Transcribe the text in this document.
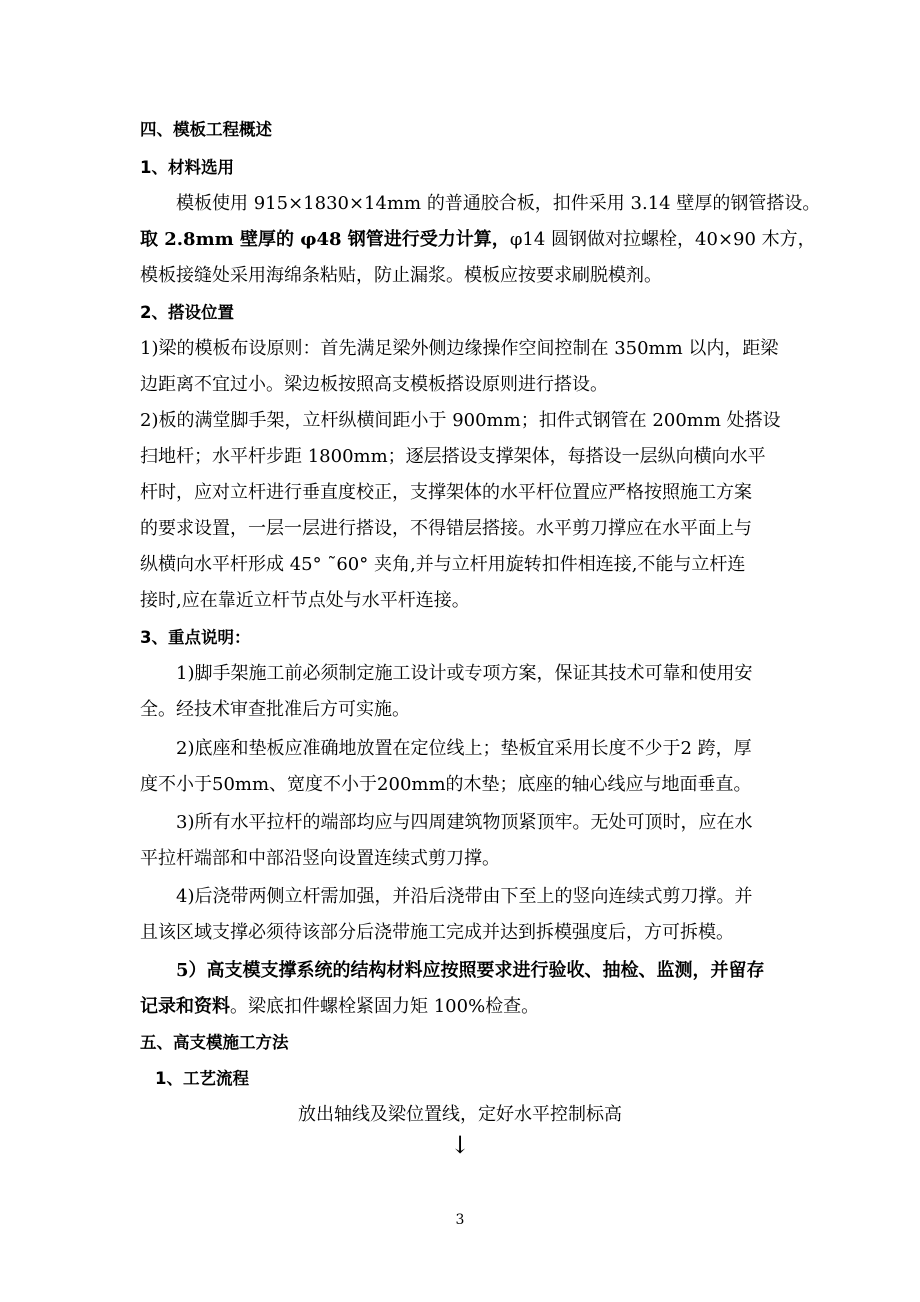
四、模板工程概述
1、材料选用
模板使用 915×1830×14mm 的普通胶合板，扣件采用 3.14 壁厚的钢管搭设。
取 2.8mm 壁厚的 φ48 钢管进行受力计算，φ14 圆钢做对拉螺栓，40×90 木方，
模板接缝处采用海绵条粘贴，防止漏浆。模板应按要求刷脱模剂。
2、搭设位置
1)梁的模板布设原则：首先满足梁外侧边缘操作空间控制在 350mm 以内，距梁
边距离不宜过小。梁边板按照高支模板搭设原则进行搭设。
2)板的满堂脚手架，立杆纵横间距小于 900mm；扣件式钢管在 200mm 处搭设
扫地杆；水平杆步距 1800mm；逐层搭设支撑架体，每搭设一层纵向横向水平
杆时，应对立杆进行垂直度校正，支撑架体的水平杆位置应严格按照施工方案
的要求设置，一层一层进行搭设，不得错层搭接。水平剪刀撑应在水平面上与
纵横向水平杆形成 45° ˜60° 夹角,并与立杆用旋转扣件相连接,不能与立杆连
接时,应在靠近立杆节点处与水平杆连接。
3、重点说明：
1)脚手架施工前必须制定施工设计或专项方案，保证其技术可靠和使用安
全。经技术审查批准后方可实施。
2)底座和垫板应准确地放置在定位线上；垫板宜采用长度不少于2 跨，厚
度不小于50mm、宽度不小于200mm的木垫；底座的轴心线应与地面垂直。
3)所有水平拉杆的端部均应与四周建筑物顶紧顶牢。无处可顶时，应在水
平拉杆端部和中部沿竖向设置连续式剪刀撑。
4)后浇带两侧立杆需加强，并沿后浇带由下至上的竖向连续式剪刀撑。并
且该区域支撑必须待该部分后浇带施工完成并达到拆模强度后，方可拆模。
5）高支模支撑系统的结构材料应按照要求进行验收、抽检、监测，并留存
记录和资料。梁底扣件螺栓紧固力矩 100%检查。
五、高支模施工方法
1、工艺流程
放出轴线及梁位置线，定好水平控制标高
↓
3
